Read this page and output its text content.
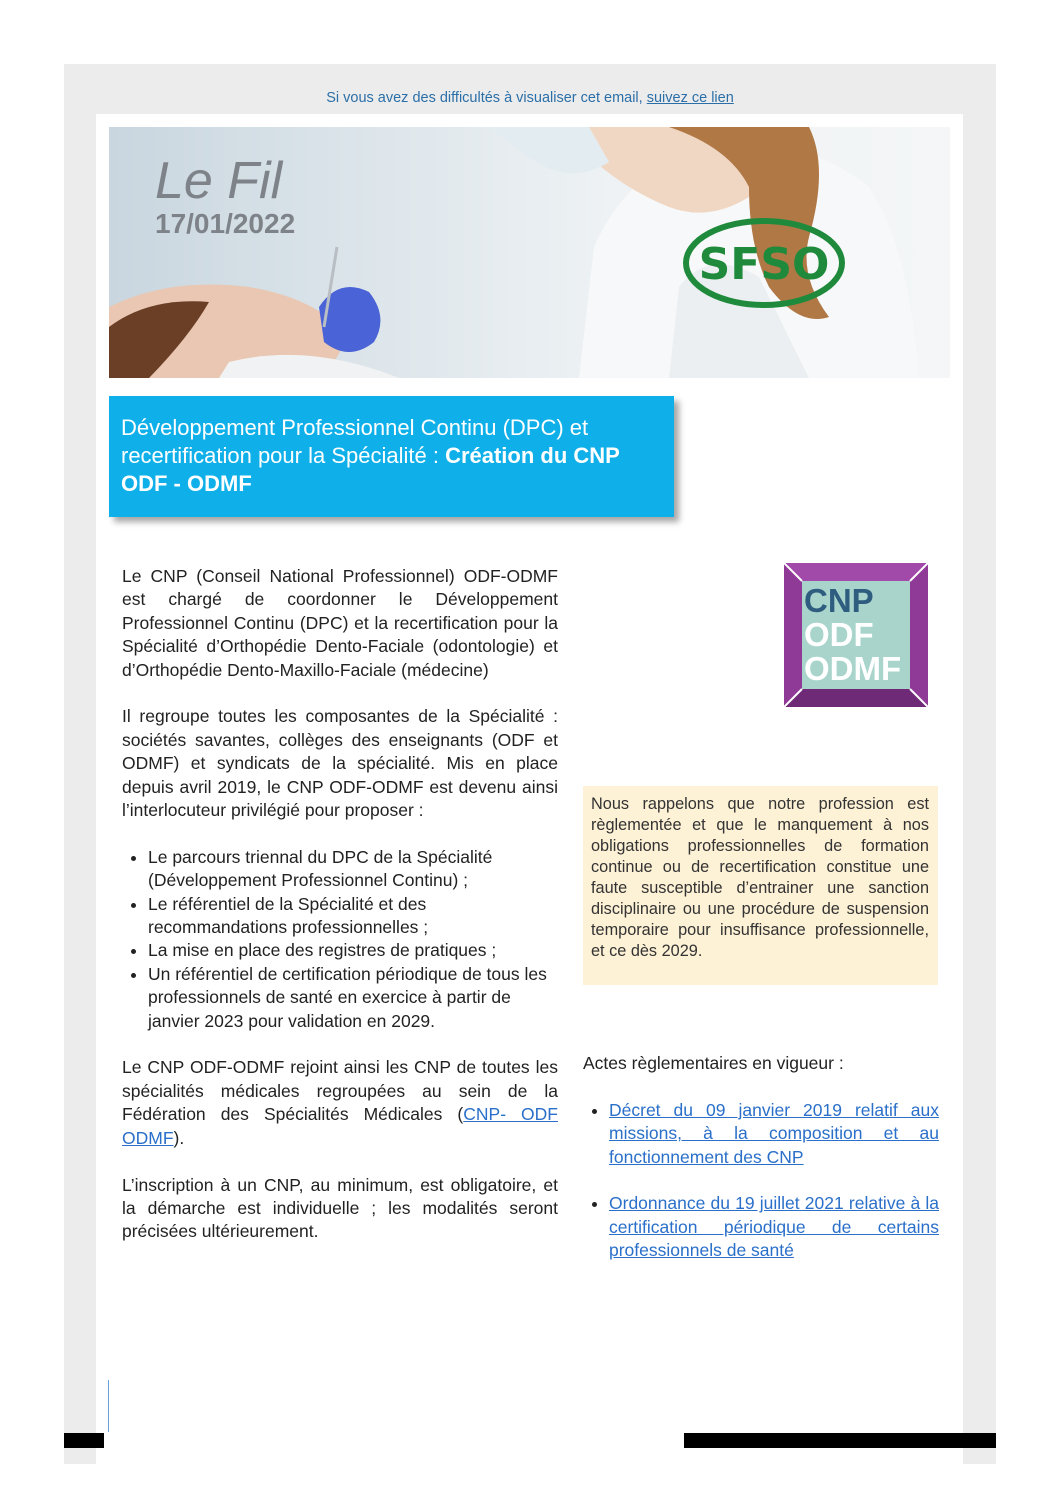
Si vous avez des difficultés à visualiser cet email, suivez ce lien
SFSO
Le Fil
17/01/2022

Développement Professionnel Continu (DPC) et recertification pour la Spécialité : Création du CNP ODF - ODMF

Le CNP (Conseil National Professionnel) ODF-ODMF est chargé de coordonner le Développement Professionnel Continu (DPC) et la recertification pour la Spécialité d’Orthopédie Dento-Faciale (odontologie) et d’Orthopédie Dento-Maxillo-Faciale (médecine)

Il regroupe toutes les composantes de la Spécialité : sociétés savantes, collèges des enseignants (ODF et ODMF) et syndicats de la spécialité. Mis en place depuis avril 2019, le CNP ODF-ODMF est devenu ainsi l’interlocuteur privilégié pour proposer :

• Le parcours triennal du DPC de la Spécialité (Développement Professionnel Continu) ;
• Le référentiel de la Spécialité et des recommandations professionnelles ;
• La mise en place des registres de pratiques ;
• Un référentiel de certification périodique de tous les professionnels de santé en exercice à partir de janvier 2023 pour validation en 2029.

Le CNP ODF-ODMF rejoint ainsi les CNP de toutes les spécialités médicales regroupées au sein de la Fédération des Spécialités Médicales (CNP- ODF ODMF).

L’inscription à un CNP, au minimum, est obligatoire, et la démarche est individuelle ; les modalités seront précisées ultérieurement.

CNP
ODF
ODMF

Nous rappelons que notre profession est règlementée et que le manquement à nos obligations professionnelles de formation continue ou de recertification constitue une faute susceptible d’entrainer une sanction disciplinaire ou une procédure de suspension temporaire pour insuffisance professionnelle, et ce dès 2029.

Actes règlementaires en vigueur :
• Décret du 09 janvier 2019 relatif aux missions, à la composition et au fonctionnement des CNP
• Ordonnance du 19 juillet 2021 relative à la certification périodique de certains professionnels de santé
